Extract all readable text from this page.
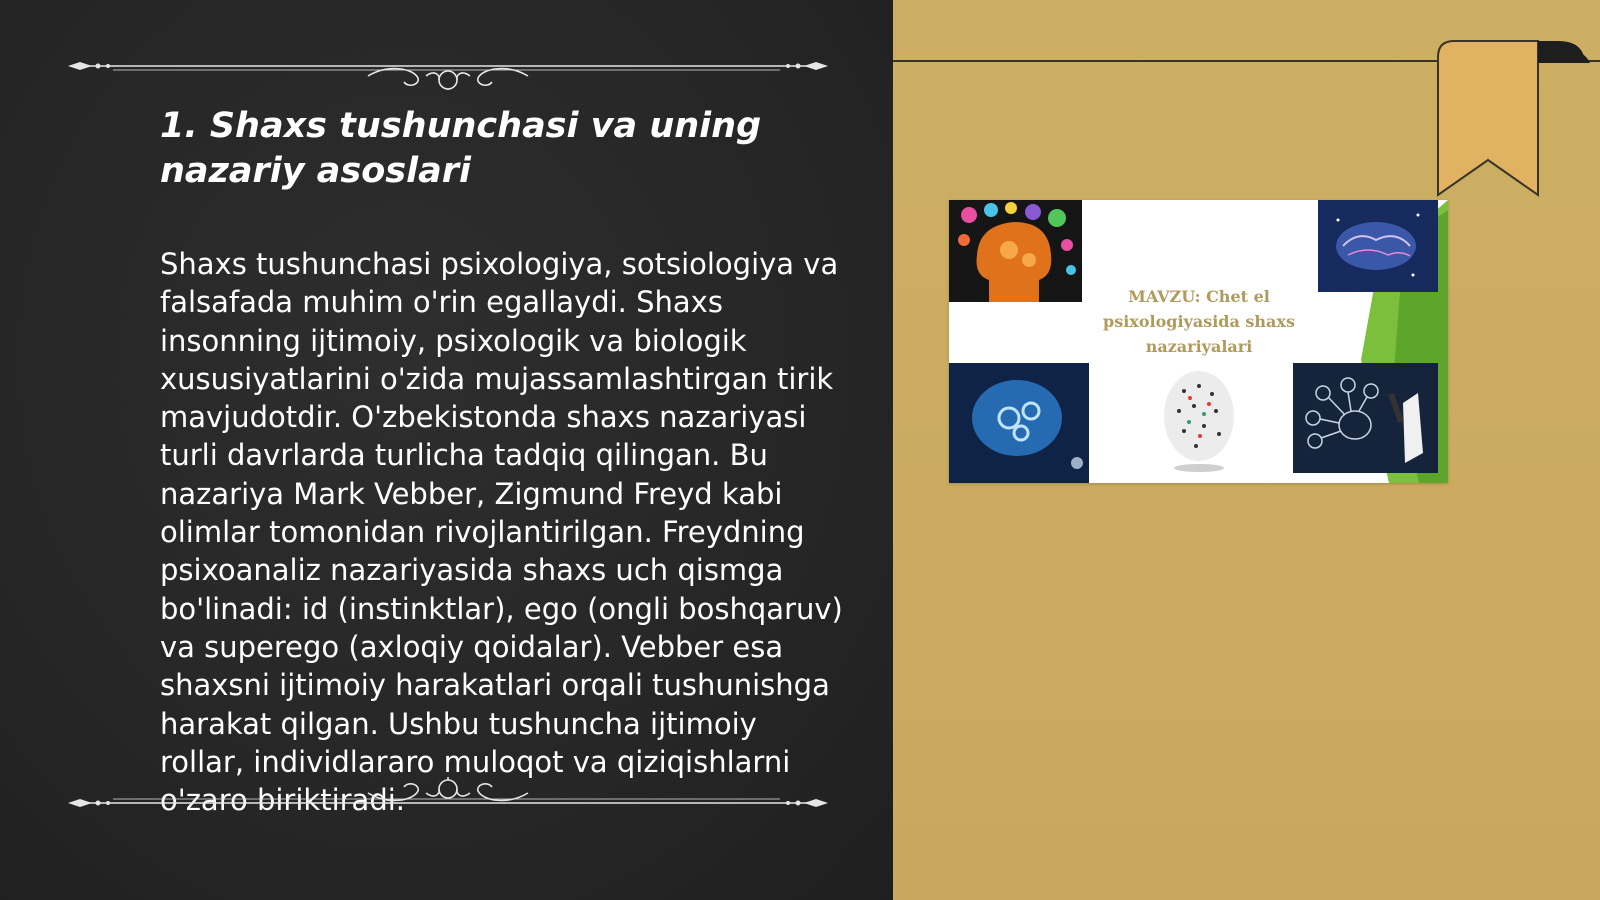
1. Shaxs tushunchasi va uning nazariy asoslari

Shaxs tushunchasi psixologiya, sotsiologiya va falsafada muhim o'rin egallaydi. Shaxs insonning ijtimoiy, psixologik va biologik xususiyatlarini o'zida mujassamlashtirgan tirik mavjudotdir. O'zbekistonda shaxs nazariyasi turli davrlarda turlicha tadqiq qilingan. Bu nazariya Mark Vebber, Zigmund Freyd kabi olimlar tomonidan rivojlantirilgan. Freydning psixoanaliz nazariyasida shaxs uch qismga bo'linadi: id (instinktlar), ego (ongli boshqaruv) va superego (axloqiy qoidalar). Vebber esa shaxsni ijtimoiy harakatlari orqali tushunishga harakat qilgan. Ushbu tushuncha ijtimoiy rollar, individlararo muloqot va qiziqishlarni o'zaro biriktiradi.

MAVZU: Chet el psixologiyasida shaxs nazariyalari
